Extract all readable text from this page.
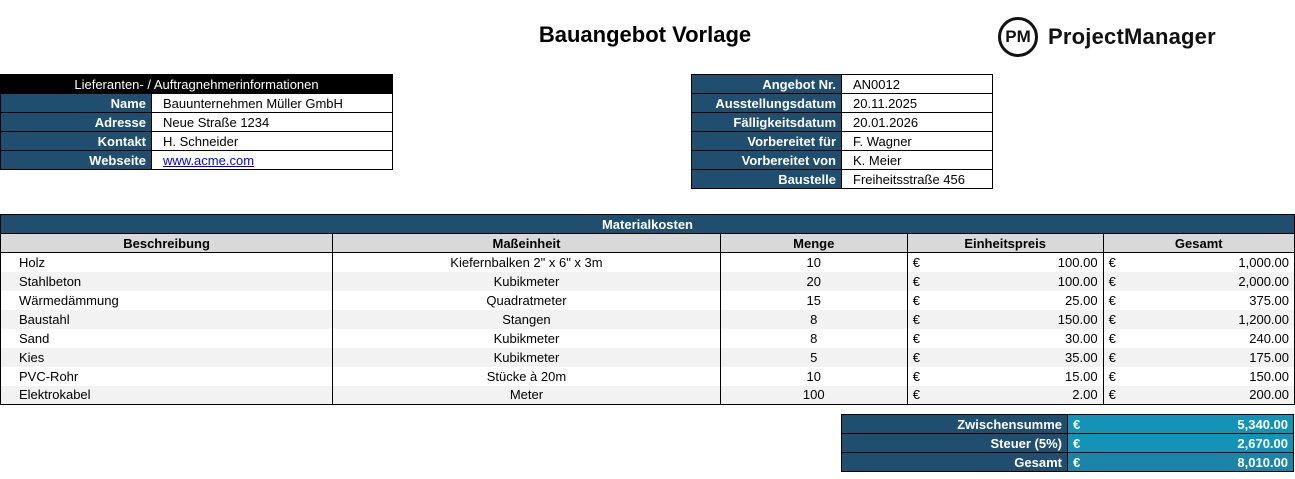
Bauangebot Vorlage	PM ProjectManager
Lieferanten- / Auftragnehmerinformationen	
Name	Bauunternehmen Müller GmbH
Adresse	Neue Straße 1234
Kontakt	H. Schneider
Webseite	www.acme.com
Angebot Nr.	AN0012
Ausstellungsdatum	20.11.2025
Fälligkeitsdatum	20.01.2026
Vorbereitet für	F. Wagner
Vorbereitet von	K. Meier
Baustelle	Freiheitsstraße 456
Materialkosten				
Beschreibung	Maßeinheit	Menge	Einheitspreis	Gesamt
Holz	Kiefernbalken 2" x 6" x 3m	10	€ 100.00	€ 1,000.00

Stahlbeton	Kubikmeter	20	€ 100.00	€ 2,000.00

Wärmedämmung	Quadratmeter	15	€ 25.00	€ 375.00

Baustahl	Stangen	8	€ 150.00	€ 1,200.00

Sand	Kubikmeter	8	€ 30.00	€ 240.00

Kies	Kubikmeter	5	€ 35.00	€ 175.00

PVC-Rohr	Stücke à 20m	10	€ 15.00	€ 150.00

Elektrokabel	Meter	100	€ 2.00	€ 200.00
Zwischensumme	€ 5,340.00

Steuer (5%)	€ 2,670.00

Gesamt	€ 8,010.00
